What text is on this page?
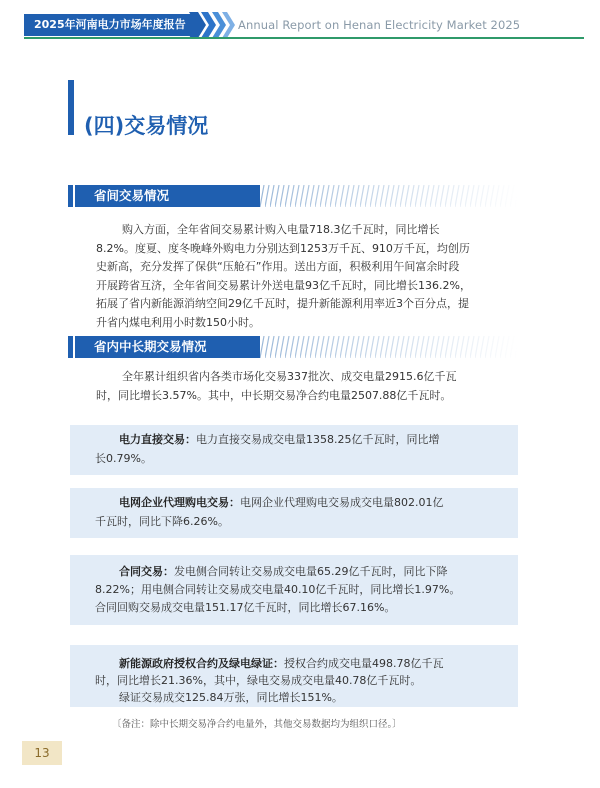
2025年河南电力市场年度报告	Annual Report on Henan Electricity Market 2025
(四)交易情况
省间交易情况
购入方面，全年省间交易累计购入电量718.3亿千瓦时，同比增长
8.2%。度夏、度冬晚峰外购电力分别达到1253万千瓦、910万千瓦，均创历
史新高，充分发挥了保供“压舱石”作用。送出方面，积极利用午间富余时段
开展跨省互济，全年省间交易累计外送电量93亿千瓦时，同比增长136.2%，
拓展了省内新能源消纳空间29亿千瓦时，提升新能源利用率近3个百分点，提
升省内煤电利用小时数150小时。
省内中长期交易情况
全年累计组织省内各类市场化交易337批次、成交电量2915.6亿千瓦
时，同比增长3.57%。其中，中长期交易净合约电量2507.88亿千瓦时。
电力直接交易：电力直接交易成交电量1358.25亿千瓦时，同比增
长0.79%。
电网企业代理购电交易：电网企业代理购电交易成交电量802.01亿
千瓦时，同比下降6.26%。
合同交易：发电侧合同转让交易成交电量65.29亿千瓦时，同比下降
8.22%；用电侧合同转让交易成交电量40.10亿千瓦时，同比增长1.97%。
合同回购交易成交电量151.17亿千瓦时，同比增长67.16%。
新能源政府授权合约及绿电绿证：授权合约成交电量498.78亿千瓦
时，同比增长21.36%，其中，绿电交易成交电量40.78亿千瓦时。
绿证交易成交125.84万张，同比增长151%。
〔备注：除中长期交易净合约电量外，其他交易数据均为组织口径。〕
13
